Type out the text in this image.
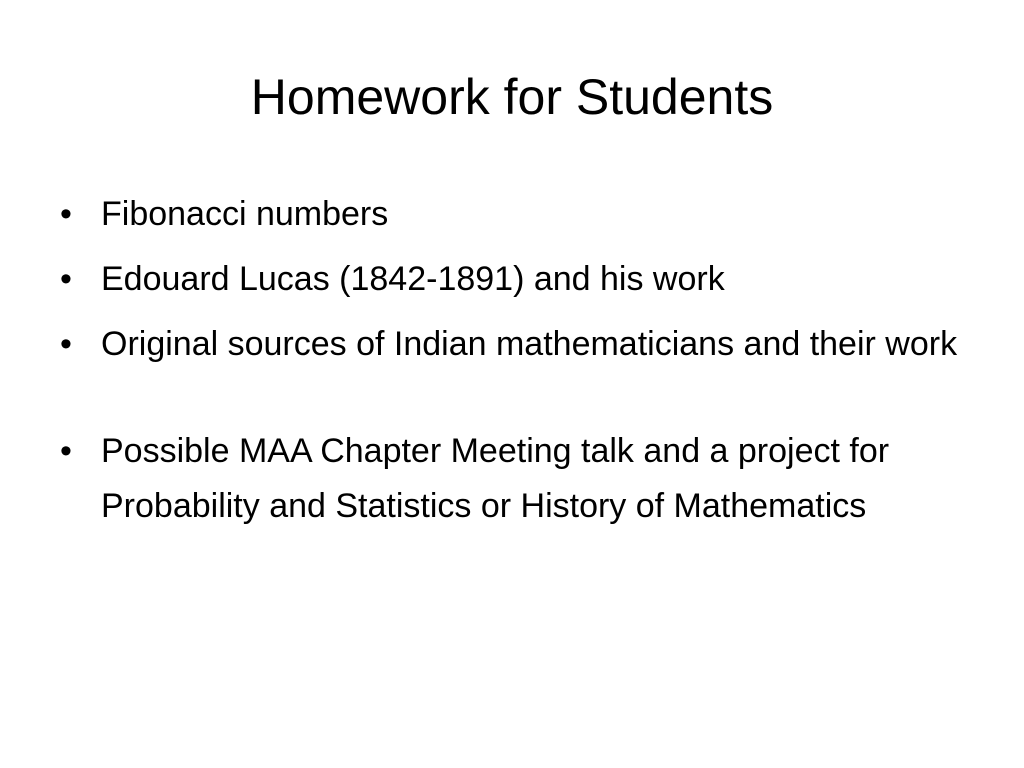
Homework for Students
• Fibonacci numbers
• Edouard Lucas (1842-1891) and his work
• Original sources of Indian mathematicians and their work
• Possible MAA Chapter Meeting talk and a project for Probability and Statistics or History of Mathematics
